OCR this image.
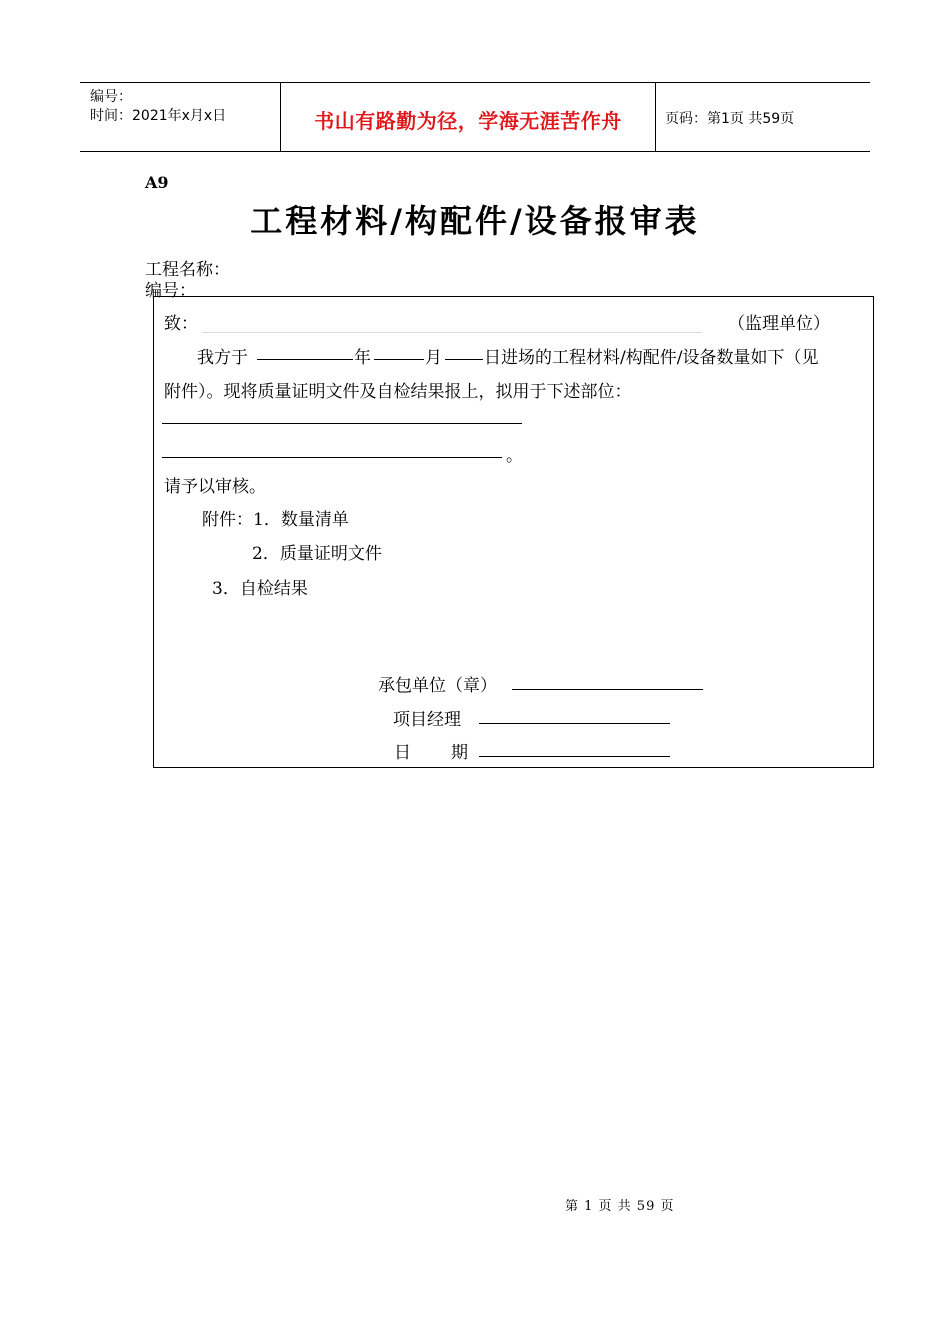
编号：
时间：2021年x月x日	书山有路勤为径，学海无涯苦作舟	页码：第1页 共59页
A9
工程材料/构配件/设备报审表
工程名称：
编号：
致：	（监理单位）
我方于	年	月 日进场的工程材料/构配件/设备数量如下（见
附件）。现将质量证明文件及自检结果报上，拟用于下述部位：
。
请予以审核。
附件：1．数量清单
2．质量证明文件
3．自检结果
承包单位（章）
项目经理
日 期
第 1 页 共 59 页
